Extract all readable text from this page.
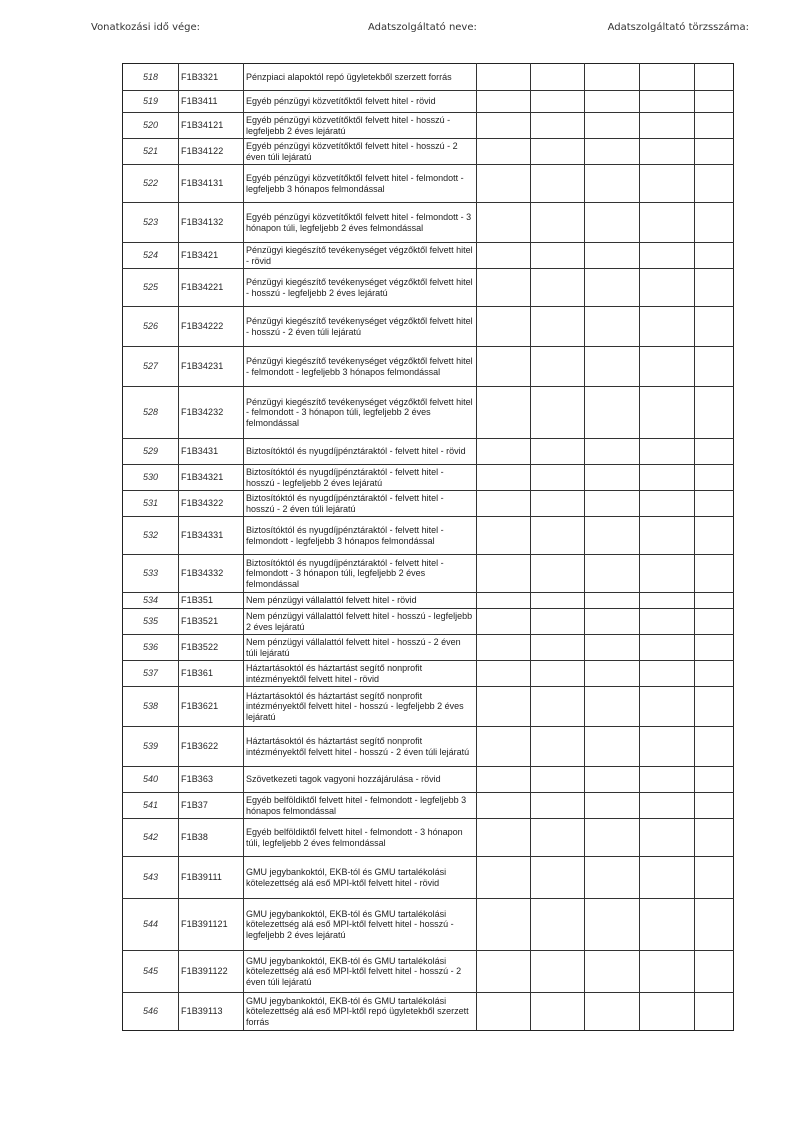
Vonatkozási idő vége:	Adatszolgáltató neve:	Adatszolgáltató törzsszáma:
518	F1B3321	Pénzpiaci alapoktól repó ügyletekből szerzett forrás					
519	F1B3411	Egyéb pénzügyi közvetítőktől felvett hitel - rövid					
520	F1B34121	Egyéb pénzügyi közvetítőktől felvett hitel - hosszú - legfeljebb 2 éves lejáratú					
521	F1B34122	Egyéb pénzügyi közvetítőktől felvett hitel - hosszú - 2 éven túli lejáratú					
522	F1B34131	Egyéb pénzügyi közvetítőktől felvett hitel - felmondott - legfeljebb 3 hónapos felmondással					
523	F1B34132	Egyéb pénzügyi közvetítőktől felvett hitel - felmondott - 3 hónapon túli, legfeljebb 2 éves felmondással					
524	F1B3421	Pénzügyi kiegészítő tevékenységet végzőktől felvett hitel - rövid					
525	F1B34221	Pénzügyi kiegészítő tevékenységet végzőktől felvett hitel - hosszú - legfeljebb 2 éves lejáratú					
526	F1B34222	Pénzügyi kiegészítő tevékenységet végzőktől felvett hitel - hosszú - 2 éven túli lejáratú					
527	F1B34231	Pénzügyi kiegészítő tevékenységet végzőktől felvett hitel - felmondott - legfeljebb 3 hónapos felmondással					
528	F1B34232	Pénzügyi kiegészítő tevékenységet végzőktől felvett hitel - felmondott - 3 hónapon túli, legfeljebb 2 éves felmondással					
529	F1B3431	Biztosítóktól és nyugdíjpénztáraktól - felvett hitel - rövid					
530	F1B34321	Biztosítóktól és nyugdíjpénztáraktól - felvett hitel - hosszú - legfeljebb 2 éves lejáratú					
531	F1B34322	Biztosítóktól és nyugdíjpénztáraktól - felvett hitel - hosszú - 2 éven túli lejáratú					
532	F1B34331	Biztosítóktól és nyugdíjpénztáraktól - felvett hitel - felmondott - legfeljebb 3 hónapos felmondással					
533	F1B34332	Biztosítóktól és nyugdíjpénztáraktól - felvett hitel - felmondott - 3 hónapon túli, legfeljebb 2 éves felmondással					
534	F1B351	Nem pénzügyi vállalattól felvett hitel - rövid					
535	F1B3521	Nem pénzügyi vállalattól felvett hitel - hosszú - legfeljebb 2 éves lejáratú					
536	F1B3522	Nem pénzügyi vállalattól felvett hitel - hosszú - 2 éven túli lejáratú					
537	F1B361	Háztartásoktól és háztartást segítő nonprofit intézményektől felvett hitel - rövid					
538	F1B3621	Háztartásoktól és háztartást segítő nonprofit intézményektől felvett hitel - hosszú - legfeljebb 2 éves lejáratú					
539	F1B3622	Háztartásoktól és háztartást segítő nonprofit intézményektől felvett hitel - hosszú - 2 éven túli lejáratú					
540	F1B363	Szövetkezeti tagok vagyoni hozzájárulása - rövid					
541	F1B37	Egyéb belföldiktől felvett hitel - felmondott - legfeljebb 3 hónapos felmondással					
542	F1B38	Egyéb belföldiktől felvett hitel - felmondott - 3 hónapon túli, legfeljebb 2 éves felmondással					
543	F1B39111	GMU jegybankoktól, EKB-tól és GMU tartalékolási kötelezettség alá eső MPI-ktől felvett hitel - rövid					
544	F1B391121	GMU jegybankoktól, EKB-tól és GMU tartalékolási kötelezettség alá eső MPI-ktől felvett hitel - hosszú - legfeljebb 2 éves lejáratú					
545	F1B391122	GMU jegybankoktól, EKB-tól és GMU tartalékolási kötelezettség alá eső MPI-ktől felvett hitel - hosszú - 2 éven túli lejáratú					
546	F1B39113	GMU jegybankoktól, EKB-tól és GMU tartalékolási kötelezettség alá eső MPI-ktől repó ügyletekből szerzett forrás					
